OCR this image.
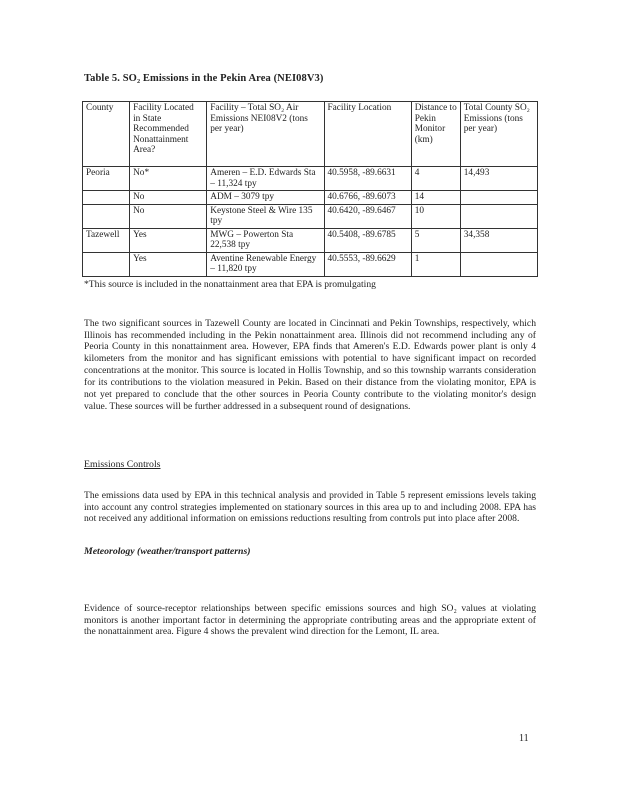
Table 5. SO₂ Emissions in the Pekin Area (NEI08V3)
County	Facility Located in State Recommended Nonattainment Area?	Facility – Total SO₂ Air Emissions NEI08V2 (tons per year)	Facility Location	Distance to Pekin Monitor (km)	Total County SO₂ Emissions (tons per year)
Peoria	No*	Ameren – E.D. Edwards Sta – 11,324 tpy	40.5958, -89.6631	4	14,493
	No	ADM – 3079 tpy	40.6766, -89.6073	14	
	No	Keystone Steel & Wire 135 tpy	40.6420, -89.6467	10	
Tazewell	Yes	MWG – Powerton Sta 22,538 tpy	40.5408, -89.6785	5	34,358
	Yes	Aventine Renewable Energy – 11,820 tpy	40.5553, -89.6629	1	
*This source is included in the nonattainment area that EPA is promulgating

The two significant sources in Tazewell County are located in Cincinnati and Pekin Townships, respectively, which Illinois has recommended including in the Pekin nonattainment area. Illinois did not recommend including any of Peoria County in this nonattainment area. However, EPA finds that Ameren's E.D. Edwards power plant is only 4 kilometers from the monitor and has significant emissions with potential to have significant impact on recorded concentrations at the monitor. This source is located in Hollis Township, and so this township warrants consideration for its contributions to the violation measured in Pekin. Based on their distance from the violating monitor, EPA is not yet prepared to conclude that the other sources in Peoria County contribute to the violating monitor's design value. These sources will be further addressed in a subsequent round of designations.

Emissions Controls

The emissions data used by EPA in this technical analysis and provided in Table 5 represent emissions levels taking into account any control strategies implemented on stationary sources in this area up to and including 2008. EPA has not received any additional information on emissions reductions resulting from controls put into place after 2008.

Meteorology (weather/transport patterns)

Evidence of source-receptor relationships between specific emissions sources and high SO₂ values at violating monitors is another important factor in determining the appropriate contributing areas and the appropriate extent of the nonattainment area. Figure 4 shows the prevalent wind direction for the Lemont, IL area.

11
